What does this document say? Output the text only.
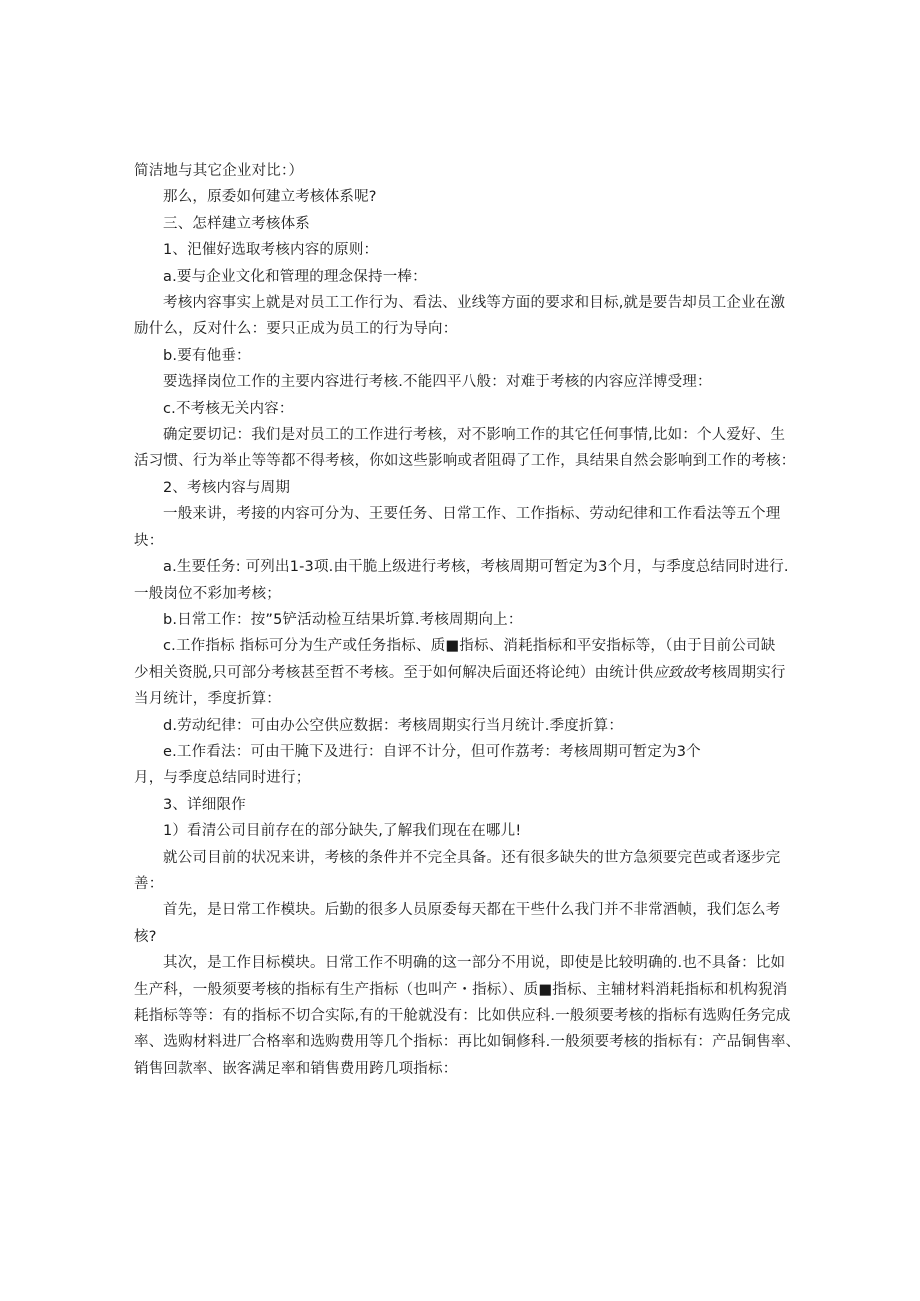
简洁地与其它企业对比：）
那么，原委如何建立考核体系呢?
三、怎样建立考核体系
1、汜催好选取考核内容的原则：
a.要与企业文化和管理的理念保持一棒：
考核内容事实上就是对员工工作行为、看法、业线等方面的要求和目标,就是要告却员工企业在激
励什么，反对什么：要只正成为员工的行为导向：
b.要有他垂：
要选择岗位工作的主要内容进行考核.不能四平八般：对难于考核的内容应洋博受理：
c.不考核无关内容：
确定要切记：我们是对员工的工作进行考核，对不影响工作的其它任何事情,比如：个人爱好、生
活习惯、行为举止等等都不得考核，你如这些影响或者阻碍了工作，具结果自然会影响到工作的考核：
2、考核内容与周期
一般来讲，考接的内容可分为、王要任务、日常工作、工作指标、劳动纪律和工作看法等五个理
块：
a.生要任务: 可列出1-3项.由干脆上级进行考核，考核周期可暂定为3个月，与季度总结同时进行.
一般岗位不彩加考核；
b.日常工作：按”5铲活动检互结果圻算.考核周期向上：
c.工作指标 指标可分为生产或任务指标、质■指标、消耗指标和平安指标等，（由于目前公司缺
少相关资脱,只可部分考核甚至哲不考核。至于如何解决后面还将论纯）由统计供应致故考核周期实行
当月统计，季度折算：
d.劳动纪律：可由办公空供应数据：考核周期实行当月统计.季度折算：
e.工作看法：可由干腌下及进行：自评不计分，但可作荔考：考核周期可暂定为3个
月，与季度总结同时进行；
3、详细限作
1）看清公司目前存在的部分缺失,了解我们现在在哪儿!
就公司目前的状况来讲，考核的条件并不完全具备。还有很多缺失的世方急须要完芭或者逐步完
善：
首先，是日常工作模块。后勤的很多人员原委每天都在干些什么我门并不非常酒帧，我们怎么考
核?
其次，是工作目标模块。日常工作不明确的这一部分不用说，即使是比较明确的.也不具备：比如
生产科，一般须要考核的指标有生产指标（也叫产・指标）、质■指标、主辅材料消耗指标和机构猊消
耗指标等等：有的指标不切合实际,有的干舱就没有：比如供应科.一般须要考核的指标有选购任务完成
率、选购材料进厂合格率和选购费用等几个指标：再比如铜修科.一般须要考核的指标有：产品铜售率、
销售回款率、嵌客满足率和销售费用跨几项指标：
